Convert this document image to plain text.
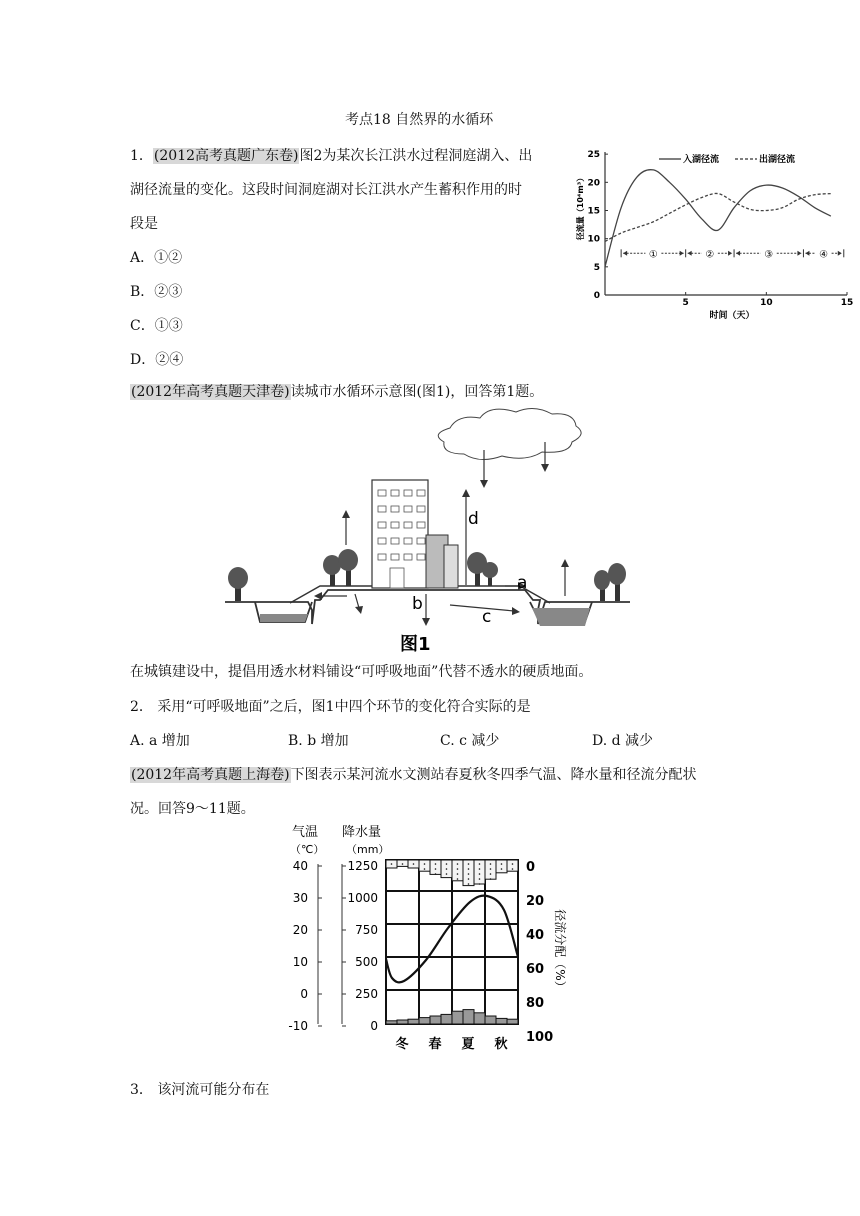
考点18 自然界的水循环
1．(2012高考真题广东卷)图2为某次长江洪水过程洞庭湖入、出
湖径流量的变化。这段时间洞庭湖对长江洪水产生蓄积作用的时
段是
A．①②
B．②③
C．①③
D．②④
25
20
15
10
5
0
5	10	15
径流量（10⁴m³）
时间（天）
入湖径流	出湖径流
①	②	③	④
(2012年高考真题天津卷)读城市水循环示意图(图1)，回答第1题。
d
a
b
c
图1
在城镇建设中，提倡用透水材料铺设“可呼吸地面”代替不透水的硬质地面。
2． 采用“可呼吸地面”之后，图1中四个环节的变化符合实际的是
A. a 增加	B. b 增加	C. c 减少	D. d 减少
(2012年高考真题上海卷)下图表示某河流水文测站春夏秋冬四季气温、降水量和径流分配状
况。回答9～11题。
气温
（℃）
降水量
（mm）
40
30
20
10
0
-10
1250
1000
750
500
250
0
0
20
40
60
80
100
径流分配（%）
冬 春 夏 秋
3． 该河流可能分布在
